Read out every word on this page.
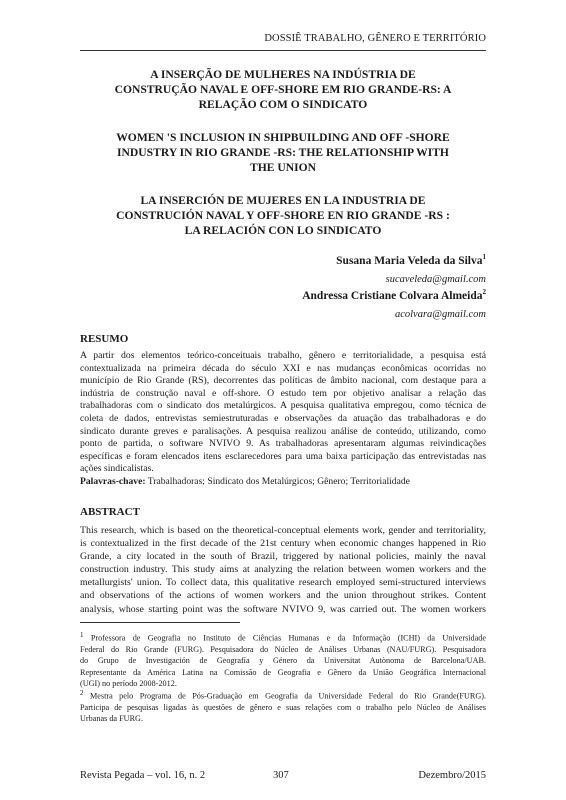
DOSSIÊ TRABALHO, GÊNERO E TERRITÓRIO
A INSERÇÃO DE MULHERES NA INDÚSTRIA DE
CONSTRUÇÃO NAVAL E OFF-SHORE EM RIO GRANDE-RS: A
RELAÇÃO COM O SINDICATO
WOMEN 'S INCLUSION IN SHIPBUILDING AND OFF -SHORE
INDUSTRY IN RIO GRANDE -RS: THE RELATIONSHIP WITH
THE UNION
LA INSERCIÓN DE MUJERES EN LA INDUSTRIA DE
CONSTRUCIÓN NAVAL Y OFF-SHORE EN RIO GRANDE -RS :
LA RELACIÓN CON LO SINDICATO
Susana Maria Veleda da Silva$^1$
sucaveleda@gmail.com
Andressa Cristiane Colvara Almeida$^2$
acolvara@gmail.com
RESUMO
A partir dos elementos teórico-conceituais trabalho, gênero e territorialidade, a pesquisa está
contextualizada na primeira década do século XXI e nas mudanças econômicas ocorridas no
município de Rio Grande (RS), decorrentes das políticas de âmbito nacional, com destaque para a
indústria de construção naval e off-shore. O estudo tem por objetivo analisar a relação das
trabalhadoras com o sindicato dos metalúrgicos. A pesquisa qualitativa empregou, como técnica de
coleta de dados, entrevistas semiestruturadas e observações da atuação das trabalhadoras e do
sindicato durante greves e paralisações. A pesquisa realizou análise de conteúdo, utilizando, como
ponto de partida, o software NVIVO 9. As trabalhadoras apresentaram algumas reivindicações
específicas e foram elencados itens esclarecedores para uma baixa participação das entrevistadas nas
ações sindicalistas.
Palavras-chave: Trabalhadoras; Sindicato dos Metalúrgicos; Gênero; Territorialidade
ABSTRACT
This research, which is based on the theoretical-conceptual elements work, gender and territoriality,
is contextualized in the first decade of the 21st century when economic changes happened in Rio
Grande, a city located in the south of Brazil, triggered by national policies, mainly the naval
construction industry. This study aims at analyzing the relation between women workers and the
metallurgists' union. To collect data, this qualitative research employed semi-structured interviews
and observations of the actions of women workers and the union throughout strikes. Content
analysis, whose starting point was the software NVIVO 9, was carried out. The women workers
$^1$ Professora de Geografia no Instituto de Ciências Humanas e da Informação (ICHI) da Universidade
Federal do Rio Grande (FURG). Pesquisadora do Núcleo de Análises Urbanas (NAU/FURG). Pesquisadora
do Grupo de Investigación de Geografía y Género da Universitat Autònoma de Barcelona/UAB.
Representante da América Latina na Comissão de Geografia e Gênero da União Geográfica Internacional
(UGI) no período 2008-2012.
$^2$ Mestra pelo Programa de Pós-Graduação em Geografia da Universidade Federal do Rio Grande(FURG).
Participa de pesquisas ligadas às questões de gênero e suas relações com o trabalho pelo Núcleo de Análises
Urbanas da FURG.
Revista Pegada – vol. 16, n. 2	307	Dezembro/2015
